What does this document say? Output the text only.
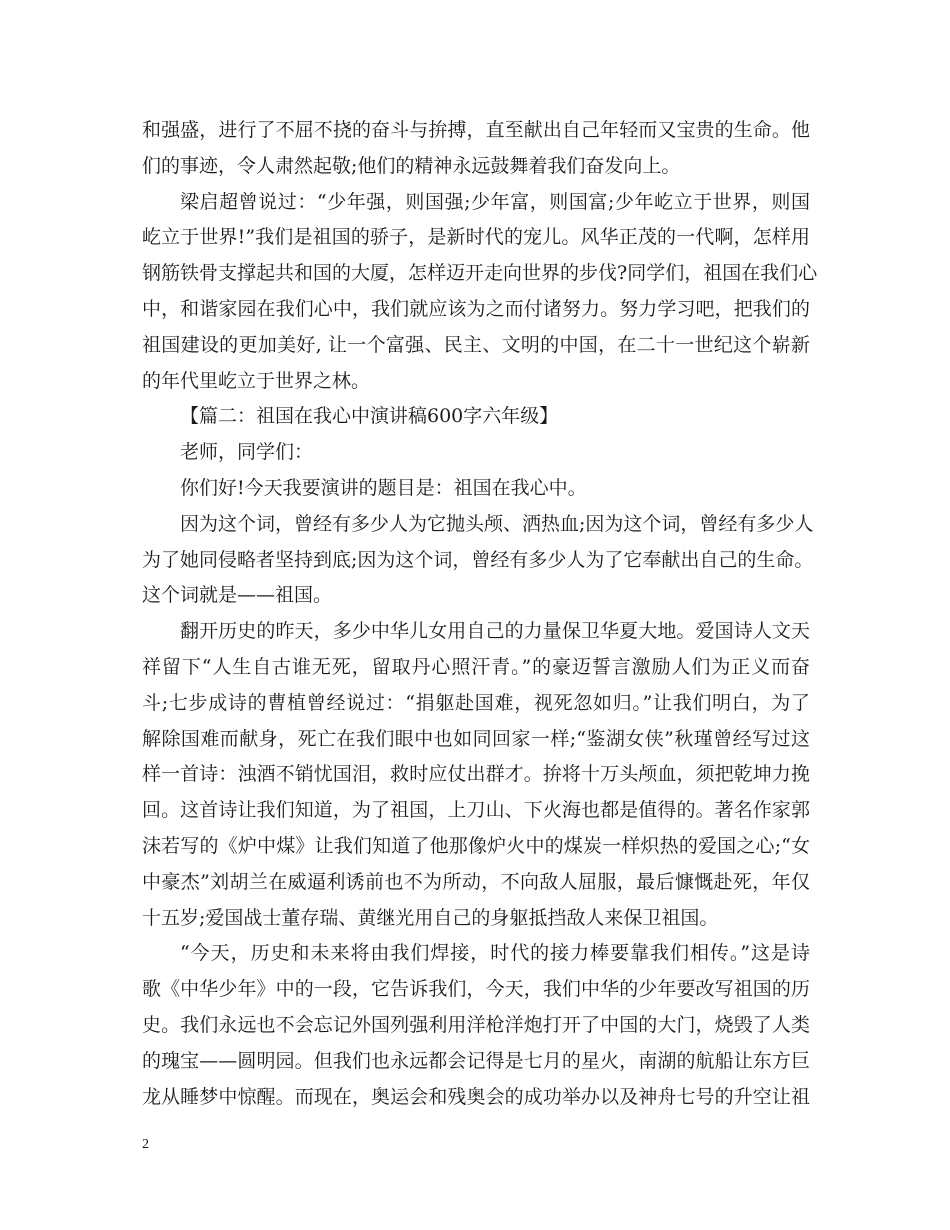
和强盛，进行了不屈不挠的奋斗与拚搏，直至献出自己年轻而又宝贵的生命。他
们的事迹，令人肃然起敬;他们的精神永远鼓舞着我们奋发向上。
梁启超曾说过：“少年强，则国强;少年富，则国富;少年屹立于世界，则国
屹立于世界!”我们是祖国的骄子，是新时代的宠儿。风华正茂的一代啊，怎样用
钢筋铁骨支撑起共和国的大厦，怎样迈开走向世界的步伐?同学们，祖国在我们心
中，和谐家园在我们心中，我们就应该为之而付诸努力。努力学习吧，把我们的
祖国建设的更加美好, 让一个富强、民主、文明的中国，在二十一世纪这个崭新
的年代里屹立于世界之林。
【篇二：祖国在我心中演讲稿600字六年级】
老师，同学们：
你们好!今天我要演讲的题目是：祖国在我心中。
因为这个词，曾经有多少人为它抛头颅、洒热血;因为这个词，曾经有多少人
为了她同侵略者坚持到底;因为这个词，曾经有多少人为了它奉献出自己的生命。
这个词就是——祖国。
翻开历史的昨天，多少中华儿女用自己的力量保卫华夏大地。爱国诗人文天
祥留下“人生自古谁无死，留取丹心照汗青。”的豪迈誓言激励人们为正义而奋
斗;七步成诗的曹植曾经说过：“捐躯赴国难，视死忽如归。”让我们明白，为了
解除国难而献身，死亡在我们眼中也如同回家一样;“鉴湖女侠”秋瑾曾经写过这
样一首诗：浊酒不销忧国泪，救时应仗出群才。拚将十万头颅血，须把乾坤力挽
回。这首诗让我们知道，为了祖国，上刀山、下火海也都是值得的。著名作家郭
沫若写的《炉中煤》让我们知道了他那像炉火中的煤炭一样炽热的爱国之心;“女
中豪杰”刘胡兰在威逼利诱前也不为所动，不向敌人屈服，最后慷慨赴死，年仅
十五岁;爱国战士董存瑞、黄继光用自己的身躯抵挡敌人来保卫祖国。
“今天，历史和未来将由我们焊接，时代的接力棒要靠我们相传。”这是诗
歌《中华少年》中的一段，它告诉我们，今天，我们中华的少年要改写祖国的历
史。我们永远也不会忘记外国列强利用洋枪洋炮打开了中国的大门，烧毁了人类
的瑰宝——圆明园。但我们也永远都会记得是七月的星火，南湖的航船让东方巨
龙从睡梦中惊醒。而现在，奥运会和残奥会的成功举办以及神舟七号的升空让祖
2
